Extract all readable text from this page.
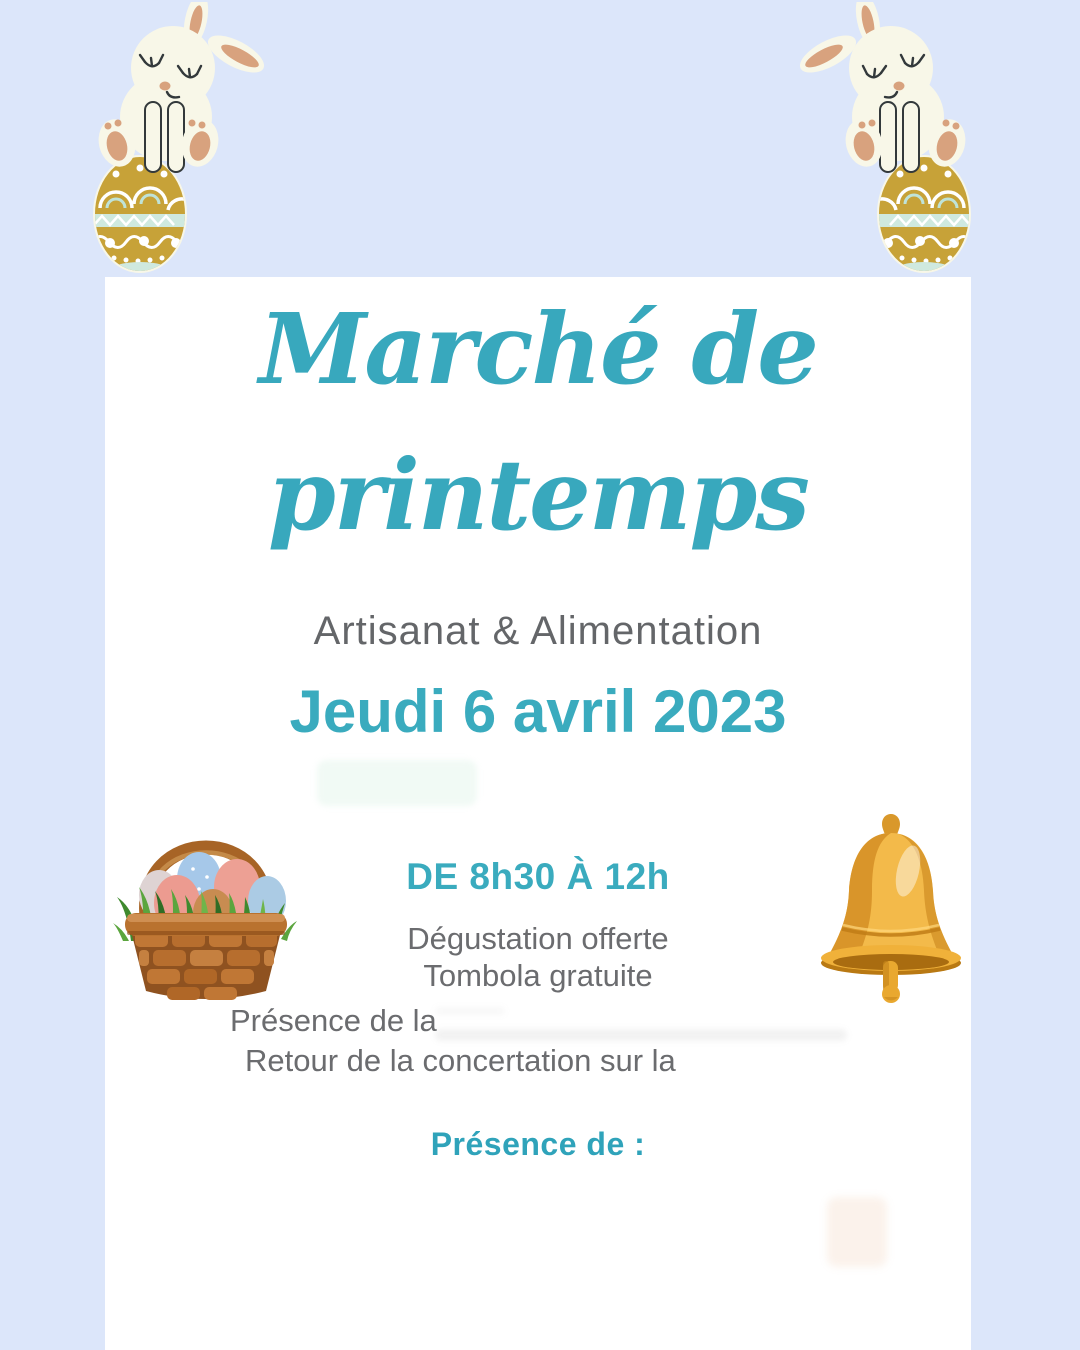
Marché de
printemps
Artisanat & Alimentation
Jeudi 6 avril 2023
DE 8h30 À 12h
Dégustation offerte
Tombola gratuite
Présence de la
Retour de la concertation sur la
Présence de :
